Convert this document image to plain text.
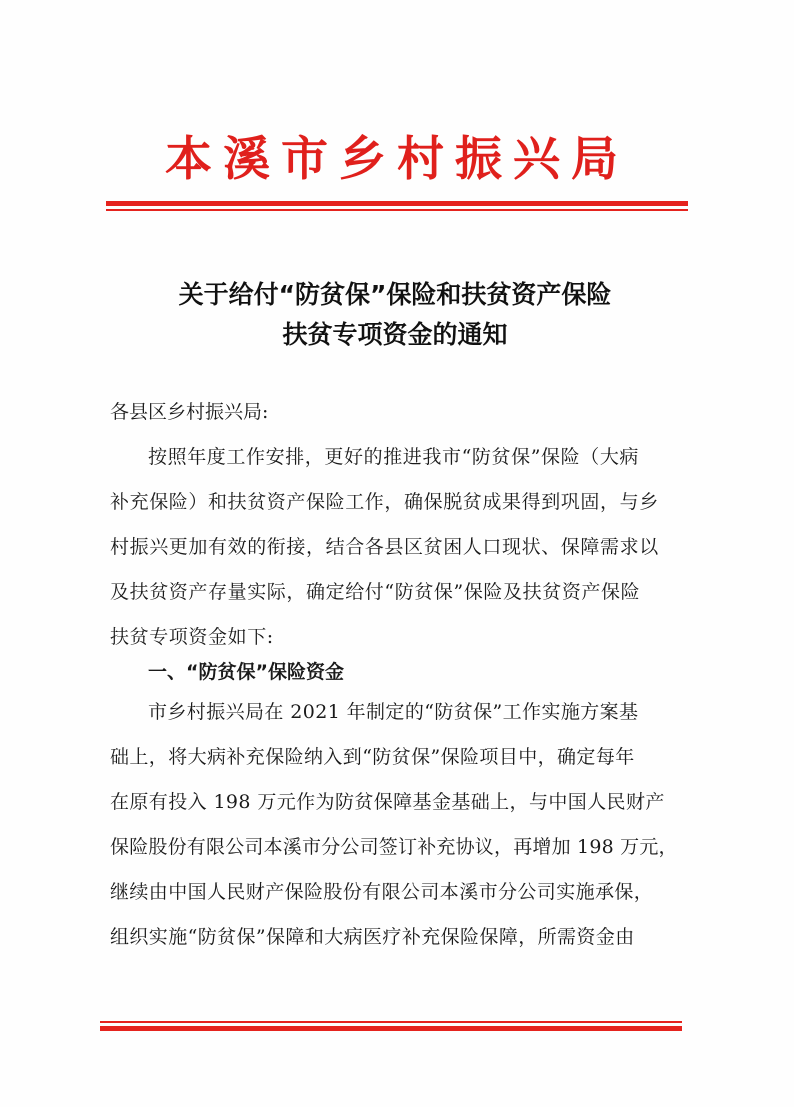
本溪市乡村振兴局
关于给付“防贫保”保险和扶贫资产保险
扶贫专项资金的通知
各县区乡村振兴局:
按照年度工作安排，更好的推进我市“防贫保”保险（大病
补充保险）和扶贫资产保险工作，确保脱贫成果得到巩固，与乡
村振兴更加有效的衔接，结合各县区贫困人口现状、保障需求以
及扶贫资产存量实际，确定给付“防贫保”保险及扶贫资产保险
扶贫专项资金如下:
一、“防贫保”保险资金
市乡村振兴局在 2021 年制定的“防贫保”工作实施方案基
础上，将大病补充保险纳入到“防贫保”保险项目中，确定每年
在原有投入 198 万元作为防贫保障基金基础上，与中国人民财产
保险股份有限公司本溪市分公司签订补充协议，再增加 198 万元，
继续由中国人民财产保险股份有限公司本溪市分公司实施承保，
组织实施“防贫保”保障和大病医疗补充保险保障，所需资金由
